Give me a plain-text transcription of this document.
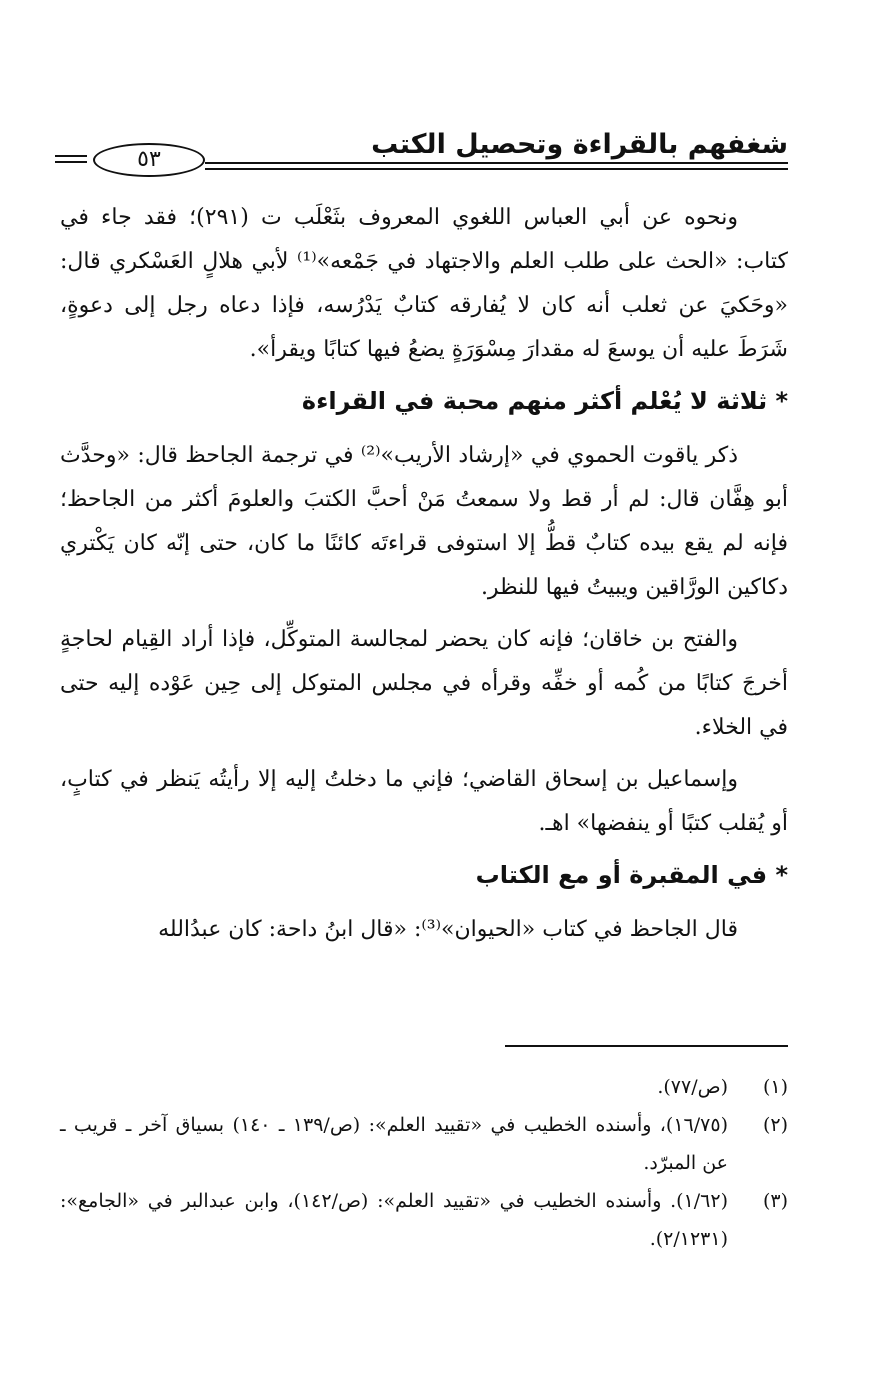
شغفهم بالقراءة وتحصيل الكتب
٥٣

ونحوه عن أبي العباس اللغوي المعروف بثَعْلَب ت (٢٩١)؛ فقد جاء في كتاب: «الحث على طلب العلم والاجتهاد في جَمْعه»⁽¹⁾ لأبي هلالٍ العَسْكري قال: «وحَكيَ عن ثعلب أنه كان لا يُفارقه كتابٌ يَدْرُسه، فإذا دعاه رجل إلى دعوةٍ، شَرَطَ عليه أن يوسعَ له مقدارَ مِسْوَرَةٍ يضعُ فيها كتابًا ويقرأ».

* ثلاثة لا يُعْلم أكثر منهم محبة في القراءة

ذكر ياقوت الحموي في «إرشاد الأريب»⁽²⁾ في ترجمة الجاحظ قال: «وحدَّث أبو هِفَّان قال: لم أر قط ولا سمعتُ مَنْ أحبَّ الكتبَ والعلومَ أكثر من الجاحظ؛ فإنه لم يقع بيده كتابٌ قطُّ إلا استوفى قراءتَه كائنًا ما كان، حتى إنّه كان يَكْتري دكاكين الورَّاقين ويبيتُ فيها للنظر.

والفتح بن خاقان؛ فإنه كان يحضر لمجالسة المتوكِّل، فإذا أراد القِيام لحاجةٍ أخرجَ كتابًا من كُمه أو خفِّه وقرأه في مجلس المتوكل إلى حِين عَوْده إليه حتى في الخلاء.

وإسماعيل بن إسحاق القاضي؛ فإني ما دخلتُ إليه إلا رأيتُه يَنظر في كتابٍ، أو يُقلب كتبًا أو ينفضها» اهـ.

* في المقبرة أو مع الكتاب

قال الجاحظ في كتاب «الحيوان»⁽³⁾: «قال ابنُ داحة: كان عبدُالله

(١)
(ص/٧٧).
(٢)
(١٦/٧٥)، وأسنده الخطيب في «تقييد العلم»: (ص/١٣٩ ـ ١٤٠) بسياق آخر ـ قريب ـ عن المبرّد.
(٣)
(١/٦٢). وأسنده الخطيب في «تقييد العلم»: (ص/١٤٢)، وابن عبدالبر في «الجامع»: (٢/١٢٣١).
